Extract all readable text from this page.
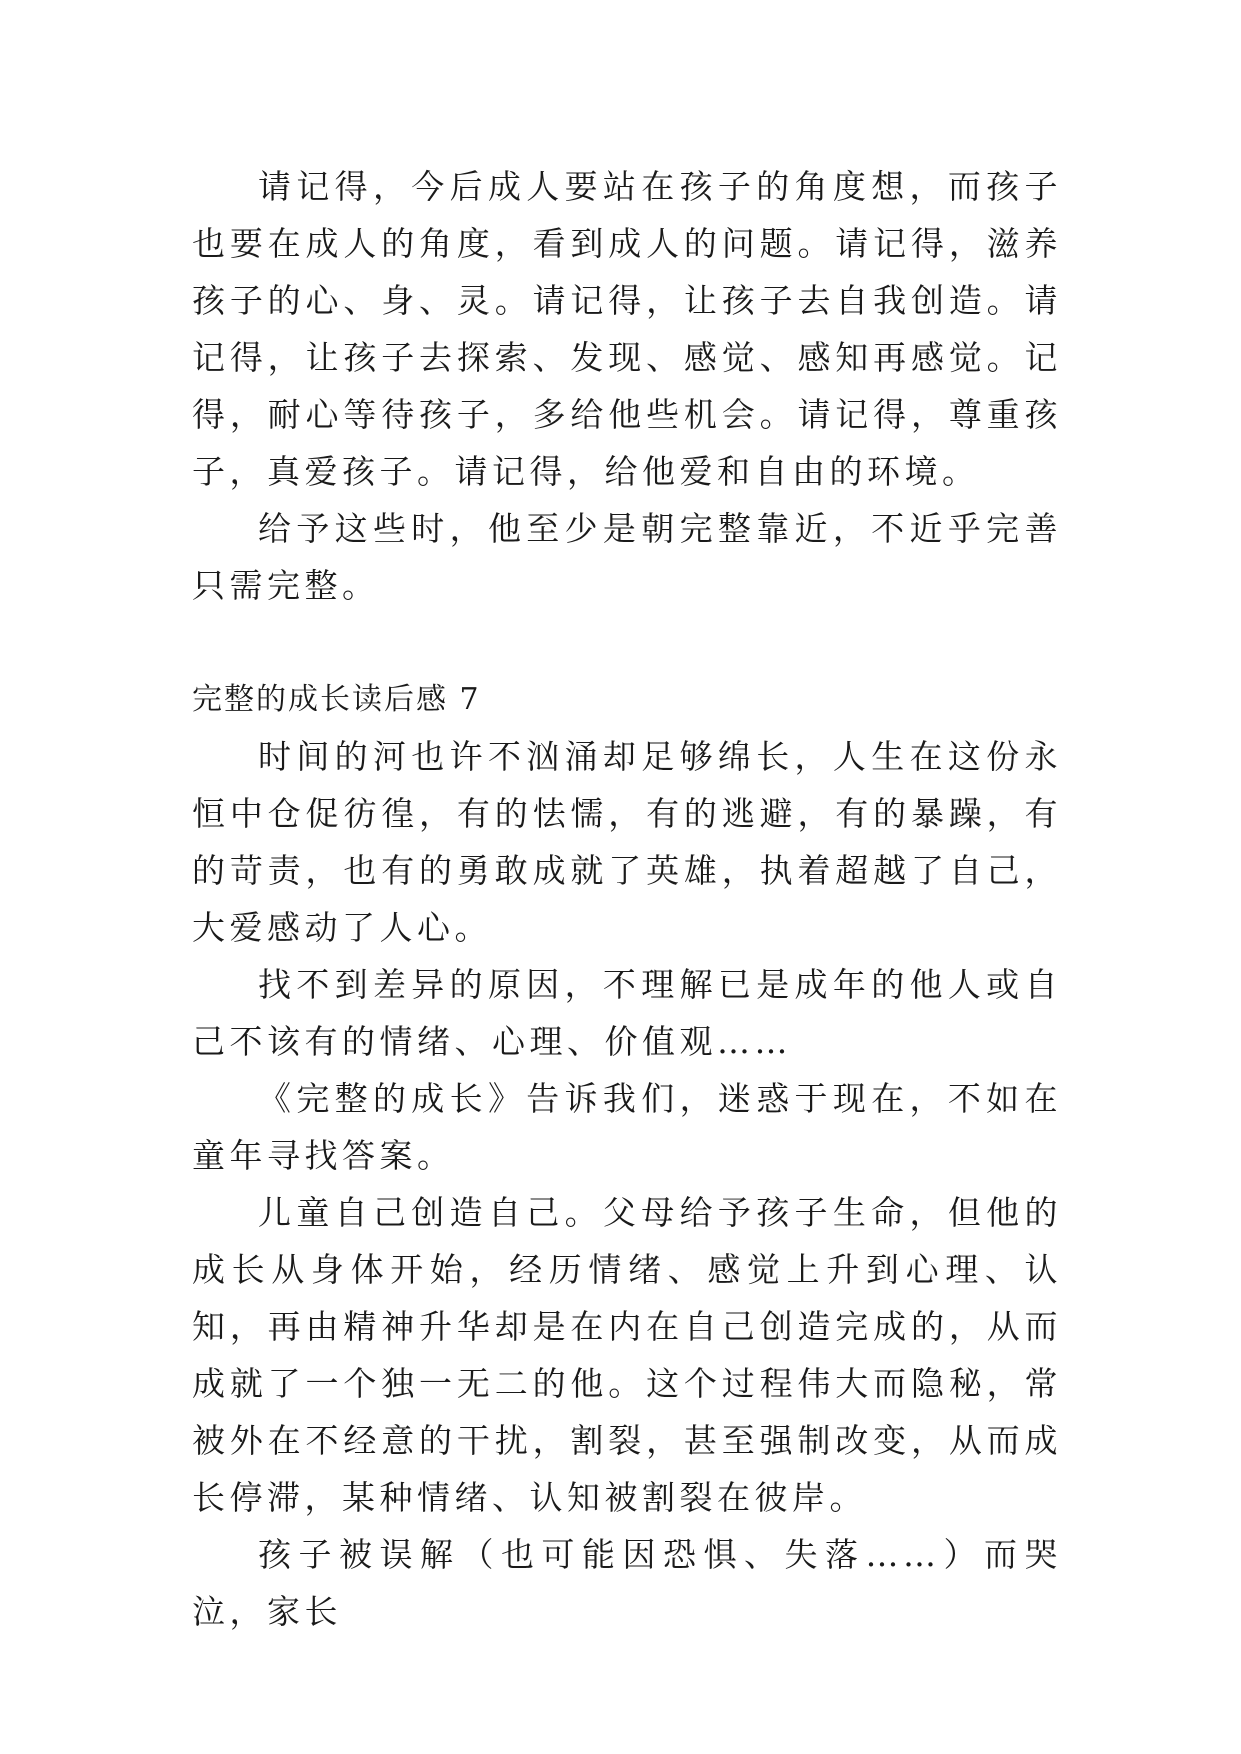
请记得，今后成人要站在孩子的角度想，而孩子也要在成人的角度，看到成人的问题。请记得，滋养孩子的心、身、灵。请记得，让孩子去自我创造。请记得，让孩子去探索、发现、感觉、感知再感觉。记得，耐心等待孩子，多给他些机会。请记得，尊重孩子，真爱孩子。请记得，给他爱和自由的环境。

给予这些时，他至少是朝完整靠近，不近乎完善只需完整。

完整的成长读后感 7

时间的河也许不汹涌却足够绵长，人生在这份永恒中仓促彷徨，有的怯懦，有的逃避，有的暴躁，有的苛责，也有的勇敢成就了英雄，执着超越了自己，大爱感动了人心。

找不到差异的原因，不理解已是成年的他人或自己不该有的情绪、心理、价值观……

《完整的成长》告诉我们，迷惑于现在，不如在童年寻找答案。

儿童自己创造自己。父母给予孩子生命，但他的成长从身体开始，经历情绪、感觉上升到心理、认知，再由精神升华却是在内在自己创造完成的，从而成就了一个独一无二的他。这个过程伟大而隐秘，常被外在不经意的干扰，割裂，甚至强制改变，从而成长停滞，某种情绪、认知被割裂在彼岸。

孩子被误解（也可能因恐惧、失落……）而哭泣，家长
